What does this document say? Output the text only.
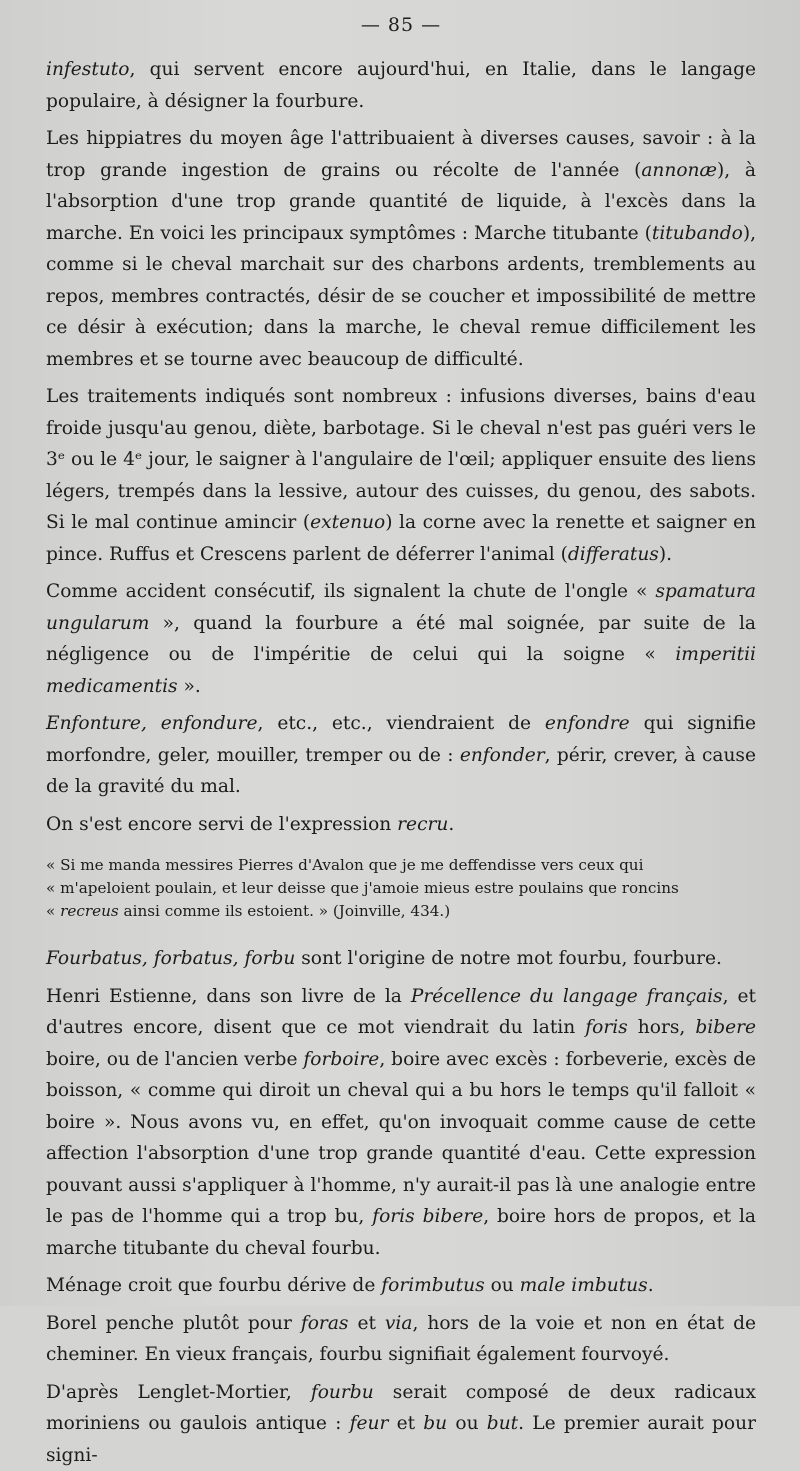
— 85 —

infestuto, qui servent encore aujourd'hui, en Italie, dans le langage populaire, à désigner la fourbure.

Les hippiatres du moyen âge l'attribuaient à diverses causes, savoir : à la trop grande ingestion de grains ou récolte de l'année (annonæ), à l'absorption d'une trop grande quantité de liquide, à l'excès dans la marche. En voici les principaux symptômes : Marche titubante (titubando), comme si le cheval marchait sur des charbons ardents, tremblements au repos, membres contractés, désir de se coucher et impossibilité de mettre ce désir à exécution; dans la marche, le cheval remue difficilement les membres et se tourne avec beaucoup de difficulté.

Les traitements indiqués sont nombreux : infusions diverses, bains d'eau froide jusqu'au genou, diète, barbotage. Si le cheval n'est pas guéri vers le 3ᵉ ou le 4ᵉ jour, le saigner à l'angulaire de l'œil; appliquer ensuite des liens légers, trempés dans la lessive, autour des cuisses, du genou, des sabots. Si le mal continue amincir (extenuo) la corne avec la renette et saigner en pince. Ruffus et Crescens parlent de déferrer l'animal (differatus).

Comme accident consécutif, ils signalent la chute de l'ongle « spamatura ungularum », quand la fourbure a été mal soignée, par suite de la négligence ou de l'impéritie de celui qui la soigne « imperitii medicamentis ».

Enfonture, enfondure, etc., etc., viendraient de enfondre qui signifie morfondre, geler, mouiller, tremper ou de : enfonder, périr, crever, à cause de la gravité du mal.

On s'est encore servi de l'expression recru.

« Si me manda messires Pierres d'Avalon que je me deffendisse vers ceux qui

« m'apeloient poulain, et leur deisse que j'amoie mieus estre poulains que roncins

« recreus ainsi comme ils estoient. » (Joinville, 434.)

Fourbatus, forbatus, forbu sont l'origine de notre mot fourbu, fourbure.

Henri Estienne, dans son livre de la Précellence du langage français, et d'autres encore, disent que ce mot viendrait du latin foris hors, bibere boire, ou de l'ancien verbe forboire, boire avec excès : forbeverie, excès de boisson, « comme qui diroit un cheval qui a bu hors le temps qu'il falloit « boire ». Nous avons vu, en effet, qu'on invoquait comme cause de cette affection l'absorption d'une trop grande quantité d'eau. Cette expression pouvant aussi s'appliquer à l'homme, n'y aurait-il pas là une analogie entre le pas de l'homme qui a trop bu, foris bibere, boire hors de propos, et la marche titubante du cheval fourbu.

Ménage croit que fourbu dérive de forimbutus ou male imbutus.

Borel penche plutôt pour foras et via, hors de la voie et non en état de cheminer. En vieux français, fourbu signifiait également fourvoyé.

D'après Lenglet-Mortier, fourbu serait composé de deux radicaux moriniens ou gaulois antique : feur et bu ou but. Le premier aurait pour signi-
